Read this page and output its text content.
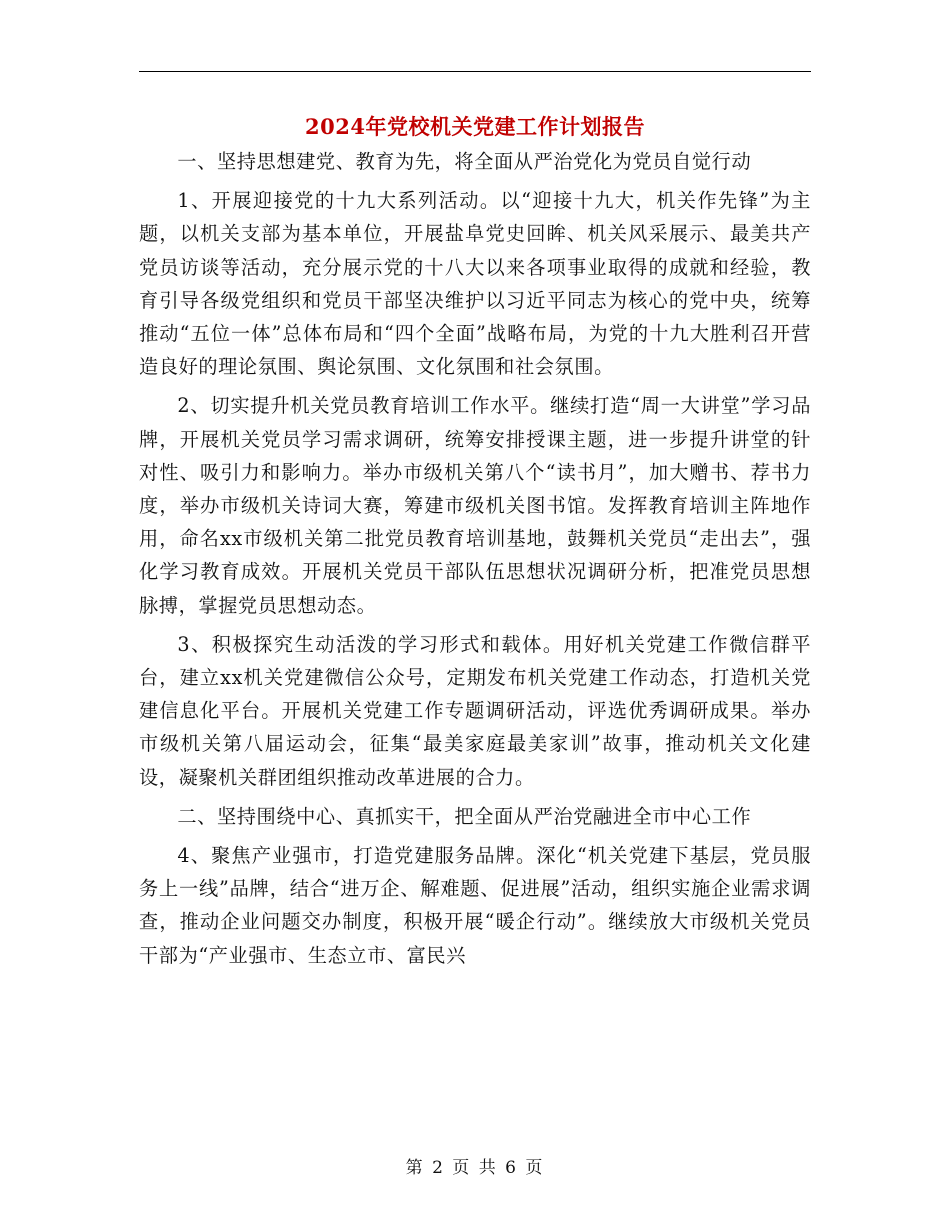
2024年党校机关党建工作计划报告

一、坚持思想建党、教育为先，将全面从严治党化为党员自觉行动

1、开展迎接党的十九大系列活动。以“迎接十九大，机关作先锋”为主题，以机关支部为基本单位，开展盐阜党史回眸、机关风采展示、最美共产党员访谈等活动，充分展示党的十八大以来各项事业取得的成就和经验，教育引导各级党组织和党员干部坚决维护以习近平同志为核心的党中央，统筹推动“五位一体”总体布局和“四个全面”战略布局，为党的十九大胜利召开营造良好的理论氛围、舆论氛围、文化氛围和社会氛围。

2、切实提升机关党员教育培训工作水平。继续打造“周一大讲堂”学习品牌，开展机关党员学习需求调研，统筹安排授课主题，进一步提升讲堂的针对性、吸引力和影响力。举办市级机关第八个“读书月”，加大赠书、荐书力度，举办市级机关诗词大赛，筹建市级机关图书馆。发挥教育培训主阵地作用，命名xx市级机关第二批党员教育培训基地，鼓舞机关党员“走出去”，强化学习教育成效。开展机关党员干部队伍思想状况调研分析，把准党员思想脉搏，掌握党员思想动态。

3、积极探究生动活泼的学习形式和载体。用好机关党建工作微信群平台，建立xx机关党建微信公众号，定期发布机关党建工作动态，打造机关党建信息化平台。开展机关党建工作专题调研活动，评选优秀调研成果。举办市级机关第八届运动会，征集“最美家庭最美家训”故事，推动机关文化建设，凝聚机关群团组织推动改革进展的合力。

二、坚持围绕中心、真抓实干，把全面从严治党融进全市中心工作

4、聚焦产业强市，打造党建服务品牌。深化“机关党建下基层，党员服务上一线”品牌，结合“进万企、解难题、促进展”活动，组织实施企业需求调查，推动企业问题交办制度，积极开展“暖企行动”。继续放大市级机关党员干部为“产业强市、生态立市、富民兴

第 2 页 共 6 页
